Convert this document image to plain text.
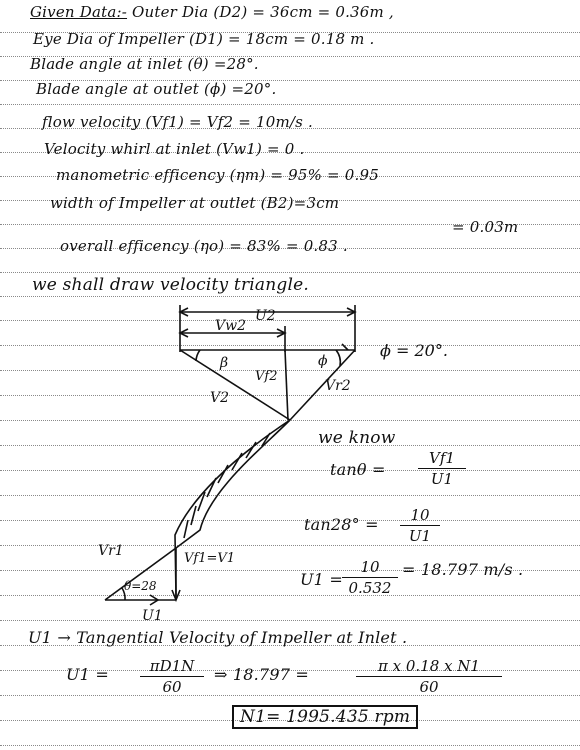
Given Data:- Outer Dia (D2) = 36cm = 0.36m ,
Eye Dia of Impeller (D1) = 18cm = 0.18 m .
Blade angle at inlet (θ) =28°.
Blade angle at outlet (ϕ) =20°.
flow velocity (Vf1) = Vf2 = 10m/s .
Velocity whirl at inlet (Vw1) = 0 .
manometric efficency (ηm) = 95% = 0.95
width of Impeller at outlet (B2)=3cm
= 0.03m
overall efficency (ηo) = 83% = 0.83 .
we shall draw velocity triangle.
U2
Vw2
β
Vf2
V2
ϕ
Vr2
ϕ = 20°.
Vr1	Vf1=V1
θ=28
U1
we know
tanθ =
Vf1
U1
tan28° =	10
U1
U1 =
10
0.532
= 18.797 m/s .
U1 → Tangential Velocity of Impeller at Inlet .
U1 =	πD1N
60
⇒ 18.797 =	π x 0.18 x N1
60
N1= 1995.435 rpm
